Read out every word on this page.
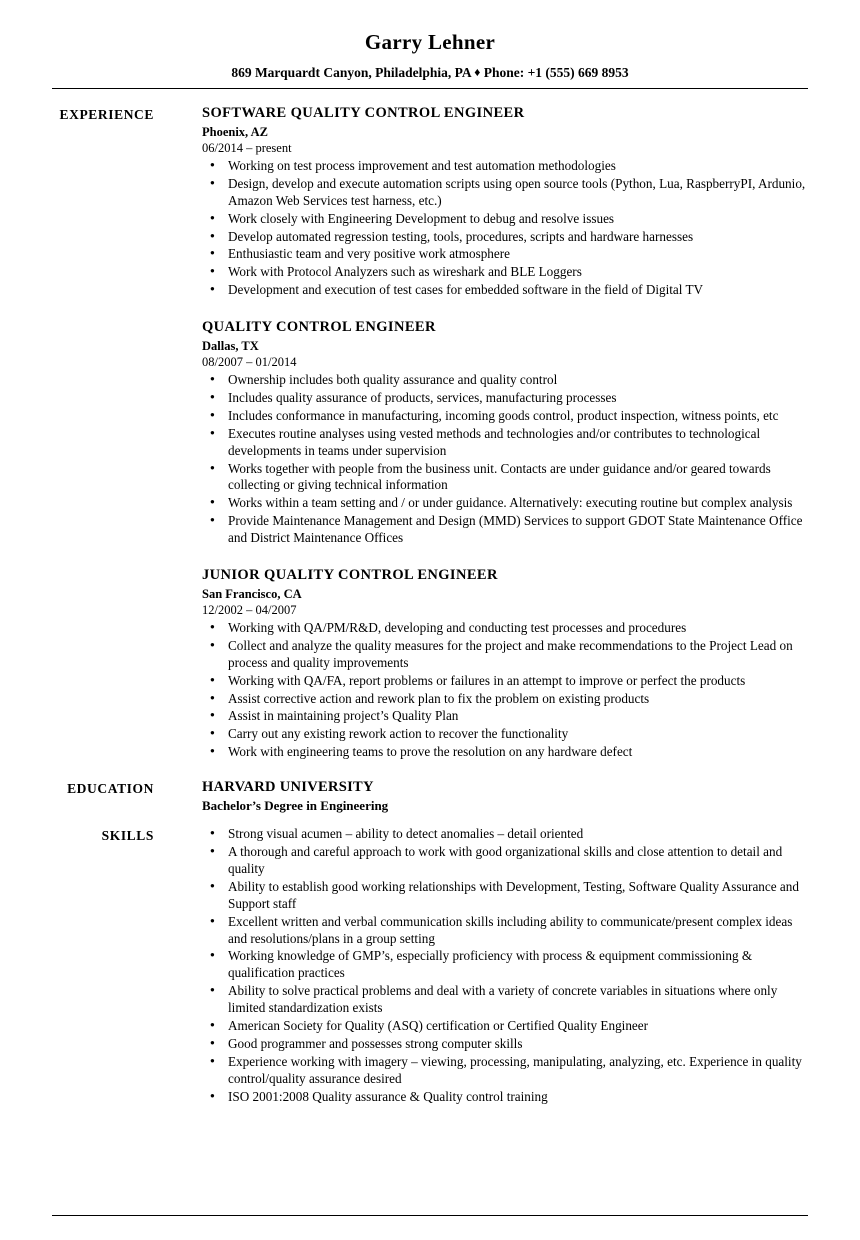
Garry Lehner
869 Marquardt Canyon, Philadelphia, PA ♦ Phone: +1 (555) 669 8953
EXPERIENCE	SOFTWARE QUALITY CONTROL ENGINEER
Phoenix, AZ
06/2014 – present
● Working on test process improvement and test automation methodologies
● Design, develop and execute automation scripts using open source tools (Python, Lua, RaspberryPI, Ardunio, Amazon Web Services test harness, etc.)
● Work closely with Engineering Development to debug and resolve issues
● Develop automated regression testing, tools, procedures, scripts and hardware harnesses
● Enthusiastic team and very positive work atmosphere
● Work with Protocol Analyzers such as wireshark and BLE Loggers
● Development and execution of test cases for embedded software in the field of Digital TV
QUALITY CONTROL ENGINEER
Dallas, TX
08/2007 – 01/2014
● Ownership includes both quality assurance and quality control
● Includes quality assurance of products, services, manufacturing processes
● Includes conformance in manufacturing, incoming goods control, product inspection, witness points, etc
● Executes routine analyses using vested methods and technologies and/or contributes to technological developments in teams under supervision
● Works together with people from the business unit. Contacts are under guidance and/or geared towards collecting or giving technical information
● Works within a team setting and / or under guidance. Alternatively: executing routine but complex analysis
● Provide Maintenance Management and Design (MMD) Services to support GDOT State Maintenance Office and District Maintenance Offices
JUNIOR QUALITY CONTROL ENGINEER
San Francisco, CA
12/2002 – 04/2007
● Working with QA/PM/R&D, developing and conducting test processes and procedures
● Collect and analyze the quality measures for the project and make recommendations to the Project Lead on process and quality improvements
● Working with QA/FA, report problems or failures in an attempt to improve or perfect the products
● Assist corrective action and rework plan to fix the problem on existing products
● Assist in maintaining project’s Quality Plan
● Carry out any existing rework action to recover the functionality
● Work with engineering teams to prove the resolution on any hardware defect
EDUCATION	HARVARD UNIVERSITY
Bachelor’s Degree in Engineering
SKILLS	● Strong visual acumen – ability to detect anomalies – detail oriented
● A thorough and careful approach to work with good organizational skills and close attention to detail and quality
● Ability to establish good working relationships with Development, Testing, Software Quality Assurance and Support staff
● Excellent written and verbal communication skills including ability to communicate/present complex ideas and resolutions/plans in a group setting
● Working knowledge of GMP’s, especially proficiency with process & equipment commissioning & qualification practices
● Ability to solve practical problems and deal with a variety of concrete variables in situations where only limited standardization exists
● American Society for Quality (ASQ) certification or Certified Quality Engineer
● Good programmer and possesses strong computer skills
● Experience working with imagery – viewing, processing, manipulating, analyzing, etc. Experience in quality control/quality assurance desired
● ISO 2001:2008 Quality assurance & Quality control training
